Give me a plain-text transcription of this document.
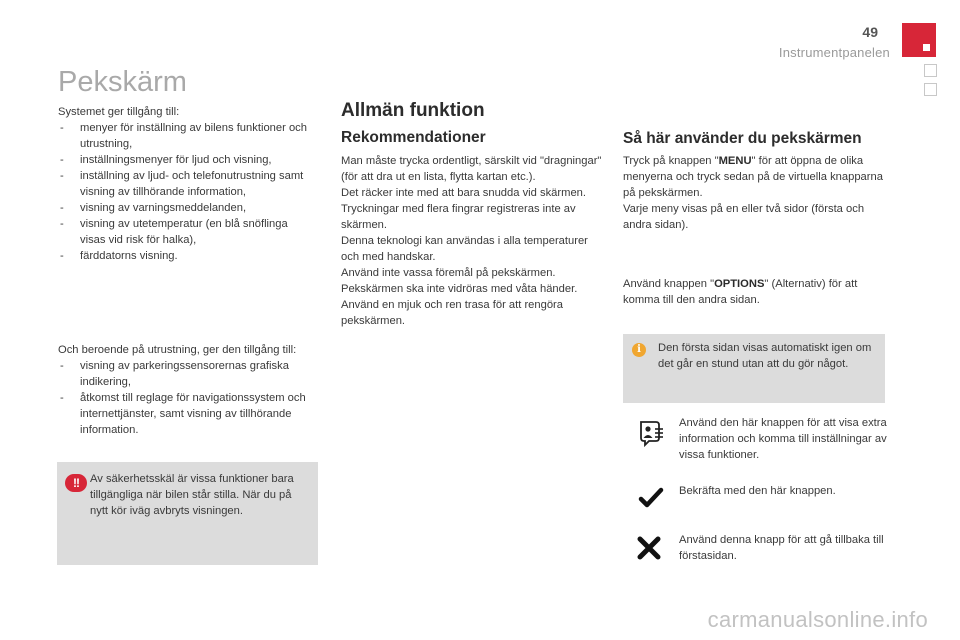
49
Instrumentpanelen
Pekskärm

Systemet ger tillgång till:

- menyer för inställning av bilens funktioner och utrustning,
- inställningsmenyer för ljud och visning,
- inställning av ljud- och telefonutrustning samt visning av tillhörande information,
- visning av varningsmeddelanden,
- visning av utetemperatur (en blå snöflinga visas vid risk för halka),
- färddatorns visning.

Och beroende på utrustning, ger den tillgång till:

- visning av parkeringssensorernas grafiska indikering,
- åtkomst till reglage för navigationssystem och internettjänster, samt visning av tillhörande information.
!! Av säkerhetsskäl är vissa funktioner bara tillgängliga när bilen står stilla. När du på nytt kör iväg avbryts visningen.

Allmän funktion
Rekommendationer

Man måste trycka ordentligt, särskilt vid "dragningar" (för att dra ut en lista, flytta kartan etc.).

Det räcker inte med att bara snudda vid skärmen.

Tryckningar med flera fingrar registreras inte av skärmen.

Denna teknologi kan användas i alla temperaturer och med handskar.

Använd inte vassa föremål på pekskärmen.

Pekskärmen ska inte vidröras med våta händer.

Använd en mjuk och ren trasa för att rengöra pekskärmen.

Så här använder du pekskärmen

Tryck på knappen "MENU" för att öppna de olika menyerna och tryck sedan på de virtuella knapparna på pekskärmen.

Varje meny visas på en eller två sidor (första och andra sidan).

Använd knappen "OPTIONS" (Alternativ) för att komma till den andra sidan.

i	Den första sidan visas automatiskt igen om det går en stund utan att du gör något.

Använd den här knappen för att visa extra information och komma till inställningar av vissa funktioner.

Bekräfta med den här knappen.

Använd denna knapp för att gå tillbaka till förstasidan.

carmanualsonline.info
